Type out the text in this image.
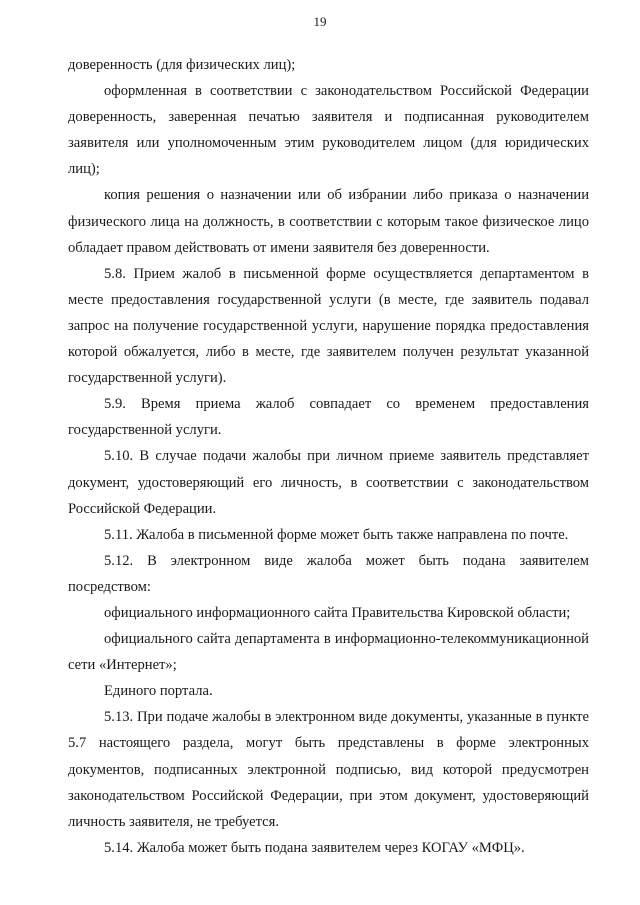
19

доверенность (для физических лиц);

оформленная в соответствии с законодательством Российской Федерации доверенность, заверенная печатью заявителя и подписанная руководителем заявителя или уполномоченным этим руководителем лицом (для юридических лиц);

копия решения о назначении или об избрании либо приказа о назначении физического лица на должность, в соответствии с которым такое физическое лицо обладает правом действовать от имени заявителя без доверенности.

5.8. Прием жалоб в письменной форме осуществляется департаментом в месте предоставления государственной услуги (в месте, где заявитель подавал запрос на получение государственной услуги, нарушение порядка предоставления которой обжалуется, либо в месте, где заявителем получен результат указанной государственной услуги).

5.9. Время приема жалоб совпадает со временем предоставления государственной услуги.

5.10. В случае подачи жалобы при личном приеме заявитель представляет документ, удостоверяющий его личность, в соответствии с законодательством Российской Федерации.

5.11. Жалоба в письменной форме может быть также направлена по почте.

5.12. В электронном виде жалоба может быть подана заявителем посредством:

официального информационного сайта Правительства Кировской области;

официального сайта департамента в информационно-телекоммуникационной сети «Интернет»;

Единого портала.

5.13. При подаче жалобы в электронном виде документы, указанные в пункте 5.7 настоящего раздела, могут быть представлены в форме электронных документов, подписанных электронной подписью, вид которой предусмотрен законодательством Российской Федерации, при этом документ, удостоверяющий личность заявителя, не требуется.

5.14. Жалоба может быть подана заявителем через КОГАУ «МФЦ».
